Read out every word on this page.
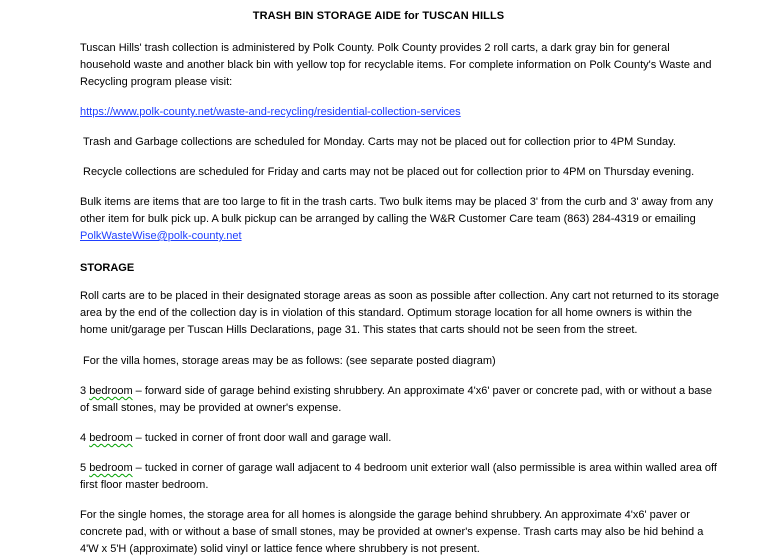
TRASH BIN STORAGE AIDE for TUSCAN HILLS

Tuscan Hills' trash collection is administered by Polk County. Polk County provides 2 roll carts, a dark gray bin for general household waste and another black bin with yellow top for recyclable items. For complete information on Polk County's Waste and Recycling program please visit:

https://www.polk-county.net/waste-and-recycling/residential-collection-services

Trash and Garbage collections are scheduled for Monday. Carts may not be placed out for collection prior to 4PM Sunday.

Recycle collections are scheduled for Friday and carts may not be placed out for collection prior to 4PM on Thursday evening.

Bulk items are items that are too large to fit in the trash carts. Two bulk items may be placed 3' from the curb and 3' away from any other item for bulk pick up. A bulk pickup can be arranged by calling the W&R Customer Care team (863) 284-4319 or emailing PolkWasteWise@polk-county.net

STORAGE

Roll carts are to be placed in their designated storage areas as soon as possible after collection. Any cart not returned to its storage area by the end of the collection day is in violation of this standard. Optimum storage location for all home owners is within the home unit/garage per Tuscan Hills Declarations, page 31. This states that carts should not be seen from the street.

For the villa homes, storage areas may be as follows: (see separate posted diagram)

3 bedroom – forward side of garage behind existing shrubbery. An approximate 4'x6' paver or concrete pad, with or without a base of small stones, may be provided at owner's expense.

4 bedroom – tucked in corner of front door wall and garage wall.

5 bedroom – tucked in corner of garage wall adjacent to 4 bedroom unit exterior wall (also permissible is area within walled area off first floor master bedroom.

For the single homes, the storage area for all homes is alongside the garage behind shrubbery. An approximate 4'x6' paver or concrete pad, with or without a base of small stones, may be provided at owner's expense. Trash carts may also be hid behind a 4'W x 5'H (approximate) solid vinyl or lattice fence where shrubbery is not present.
